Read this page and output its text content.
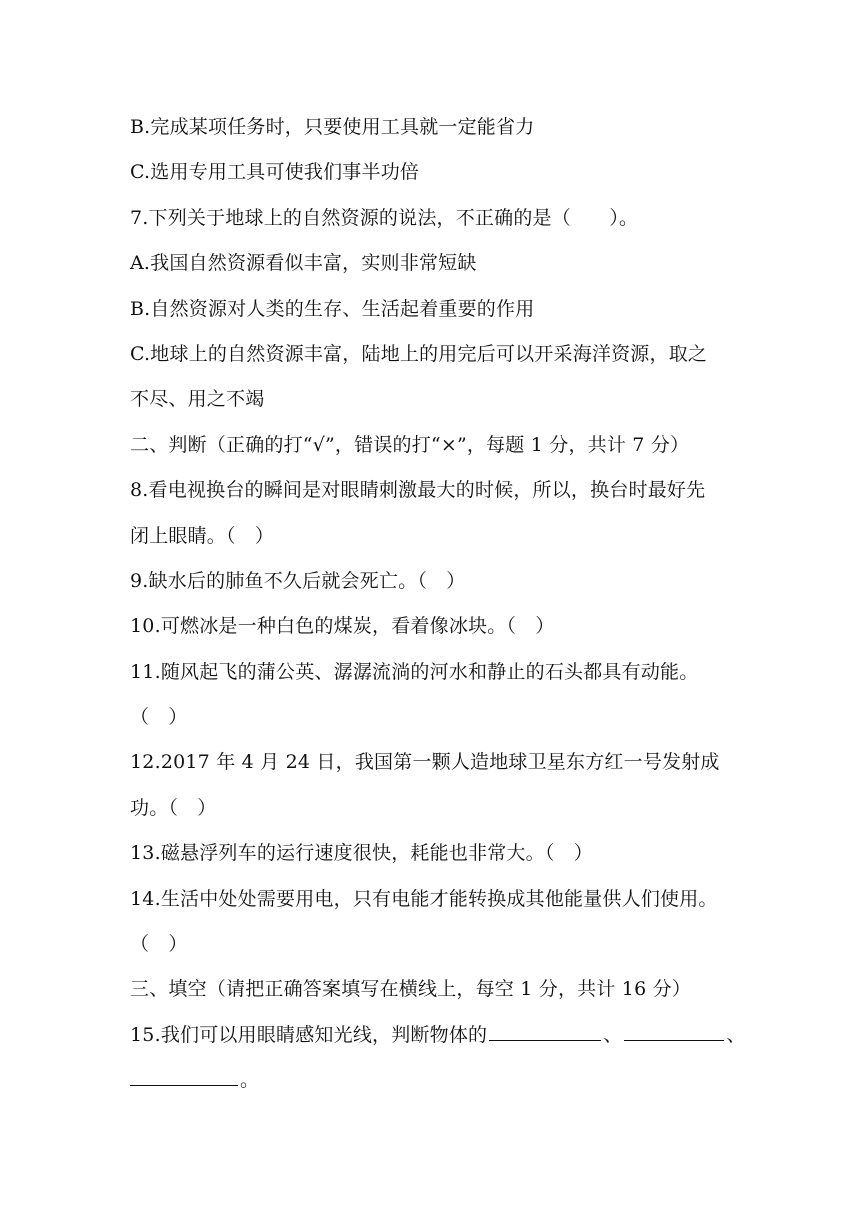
B.完成某项任务时，只要使用工具就一定能省力
C.选用专用工具可使我们事半功倍
7.下列关于地球上的自然资源的说法，不正确的是（　　）。
A.我国自然资源看似丰富，实则非常短缺
B.自然资源对人类的生存、生活起着重要的作用
C.地球上的自然资源丰富，陆地上的用完后可以开采海洋资源，取之
不尽、用之不竭
二、判断（正确的打“√”，错误的打“×”，每题 1 分，共计 7 分）
8.看电视换台的瞬间是对眼睛刺激最大的时候，所以，换台时最好先
闭上眼睛。（　）
9.缺水后的肺鱼不久后就会死亡。（　）
10.可燃冰是一种白色的煤炭，看着像冰块。（　）
11.随风起飞的蒲公英、潺潺流淌的河水和静止的石头都具有动能。
（　）
12.2017 年 4 月 24 日，我国第一颗人造地球卫星东方红一号发射成
功。（　）
13.磁悬浮列车的运行速度很快，耗能也非常大。（　）
14.生活中处处需要用电，只有电能才能转换成其他能量供人们使用。
（　）
三、填空（请把正确答案填写在横线上，每空 1 分，共计 16 分）
15.我们可以用眼睛感知光线，判断物体的	、	、
。
